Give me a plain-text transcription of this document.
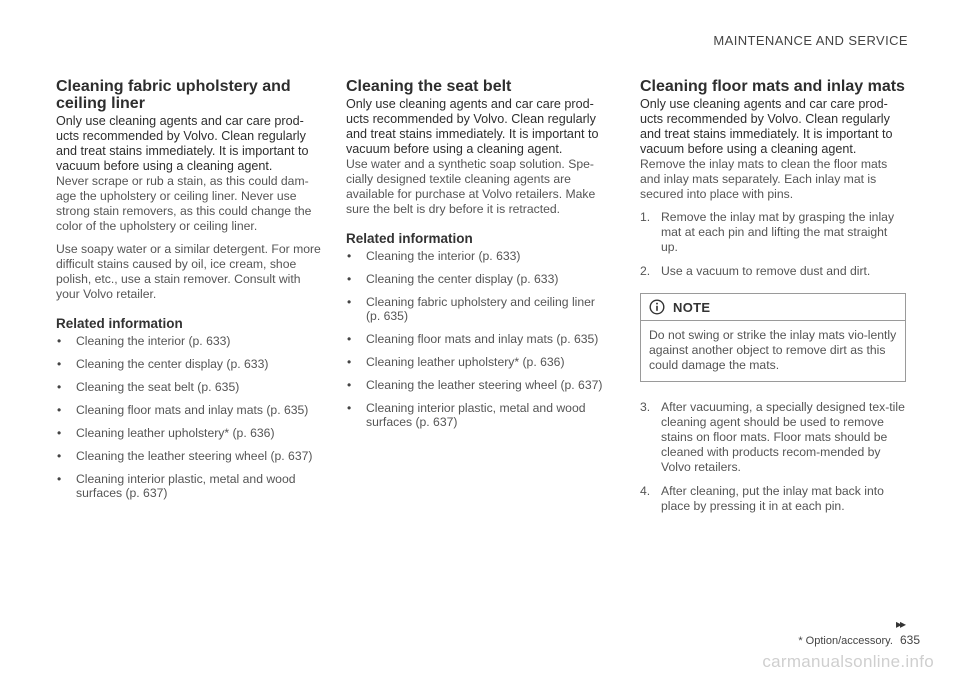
MAINTENANCE AND SERVICE
Cleaning fabric upholstery and ceiling liner

Only use cleaning agents and car care prod-ucts recommended by Volvo. Clean regularly and treat stains immediately. It is important to vacuum before using a cleaning agent.

Never scrape or rub a stain, as this could dam-age the upholstery or ceiling liner. Never use strong stain removers, as this could change the color of the upholstery or ceiling liner.

Use soapy water or a similar detergent. For more difficult stains caused by oil, ice cream, shoe polish, etc., use a stain remover. Consult with your Volvo retailer.

Related information
• Cleaning the interior (p. 633)
• Cleaning the center display (p. 633)
• Cleaning the seat belt (p. 635)
• Cleaning floor mats and inlay mats (p. 635)
• Cleaning leather upholstery* (p. 636)
• Cleaning the leather steering wheel (p. 637)
• Cleaning interior plastic, metal and wood surfaces (p. 637)
Cleaning the seat belt

Only use cleaning agents and car care prod-ucts recommended by Volvo. Clean regularly and treat stains immediately. It is important to vacuum before using a cleaning agent.

Use water and a synthetic soap solution. Spe-cially designed textile cleaning agents are available for purchase at Volvo retailers. Make sure the belt is dry before it is retracted.

Related information
• Cleaning the interior (p. 633)
• Cleaning the center display (p. 633)
• Cleaning fabric upholstery and ceiling liner (p. 635)
• Cleaning floor mats and inlay mats (p. 635)
• Cleaning leather upholstery* (p. 636)
• Cleaning the leather steering wheel (p. 637)
• Cleaning interior plastic, metal and wood surfaces (p. 637)
Cleaning floor mats and inlay mats

Only use cleaning agents and car care prod-ucts recommended by Volvo. Clean regularly and treat stains immediately. It is important to vacuum before using a cleaning agent.

Remove the inlay mats to clean the floor mats and inlay mats separately. Each inlay mat is secured into place with pins.

1. Remove the inlay mat by grasping the inlay mat at each pin and lifting the mat straight up.
2. Use a vacuum to remove dust and dirt.
NOTE
Do not swing or strike the inlay mats vio-lently against another object to remove dirt as this could damage the mats.
3. After vacuuming, a specially designed tex-tile cleaning agent should be used to remove stains on floor mats. Floor mats should be cleaned with products recom-mended by Volvo retailers.
4. After cleaning, put the inlay mat back into place by pressing it in at each pin.
▸▸
* Option/accessory. 635
carmanualsonline.info
